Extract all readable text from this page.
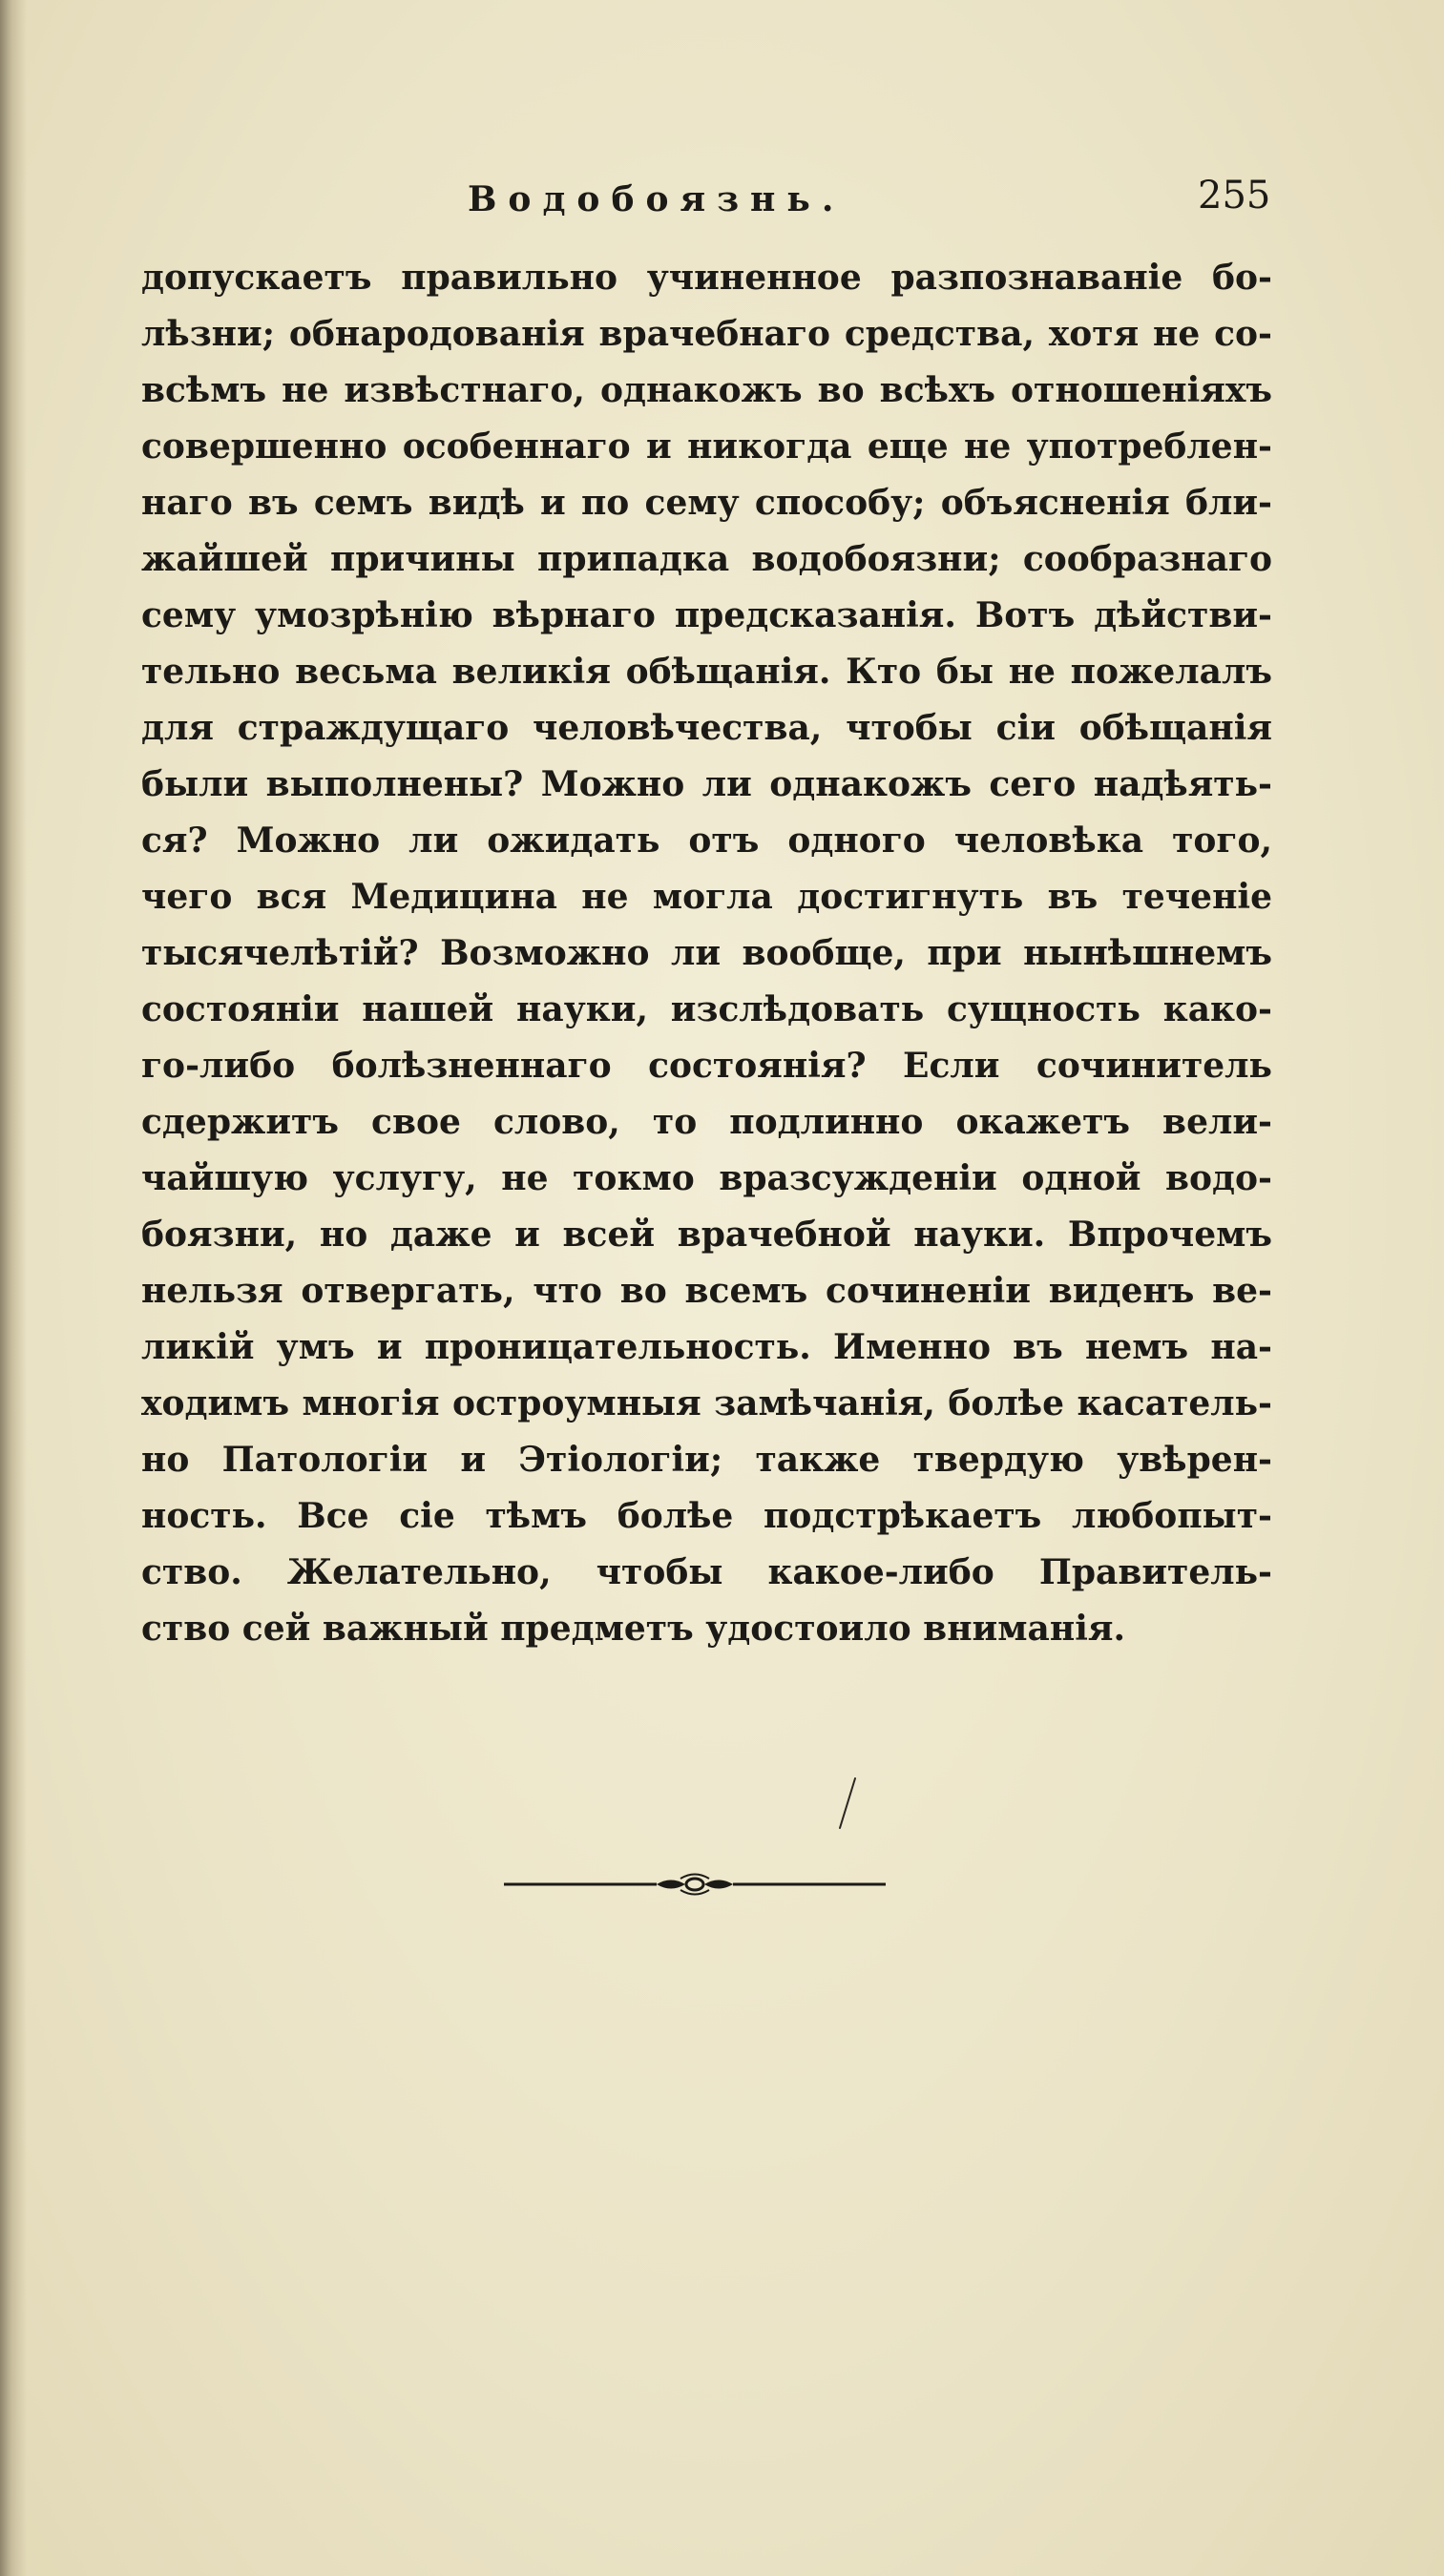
Водобоязнь.	255
допускаетъ правильно учиненное разпознаванiе бо-
лѣзни; обнародованiя врачебнаго средства, хотя не со-
всѣмъ не извѣстнаго, однакожъ во всѣхъ отношенiяхъ
совершенно особеннаго и никогда еще не употреблен-
наго въ семъ видѣ и по сему способу; объясненiя бли-
жайшей причины припадка водобоязни; сообразнаго
сему умозрѣнiю вѣрнаго предсказанiя. Вотъ дѣйстви-
тельно весьма великiя обѣщанiя. Кто бы не пожелалъ
для страждущаго человѣчества, чтобы сiи обѣщанiя
были выполнены? Можно ли однакожъ сего надѣять-
ся? Можно ли ожидать отъ одного человѣка того,
чего вся Медицина не могла достигнуть въ теченiе
тысячелѣтiй? Возможно ли вообще, при нынѣшнемъ
состоянiи нашей науки, изслѣдовать сущность како-
го-либо болѣзненнаго состоянiя? Если сочинитель
сдержитъ свое слово, то подлинно окажетъ вели-
чайшую услугу, не токмо вразсужденiи одной водо-
боязни, но даже и всей врачебной науки. Впрочемъ
нельзя отвергать, что во всемъ сочиненiи виденъ ве-
ликiй умъ и проницательность. Именно въ немъ на-
ходимъ многiя остроумныя замѣчанiя, болѣе касатель-
но Патологiи и Этiологiи; также твердую увѣрен-
ность. Все сiе тѣмъ болѣе подстрѣкаетъ любопыт-
ство. Желательно, чтобы какое-либо Правитель-
ство сей важный предметъ удостоило вниманiя.
